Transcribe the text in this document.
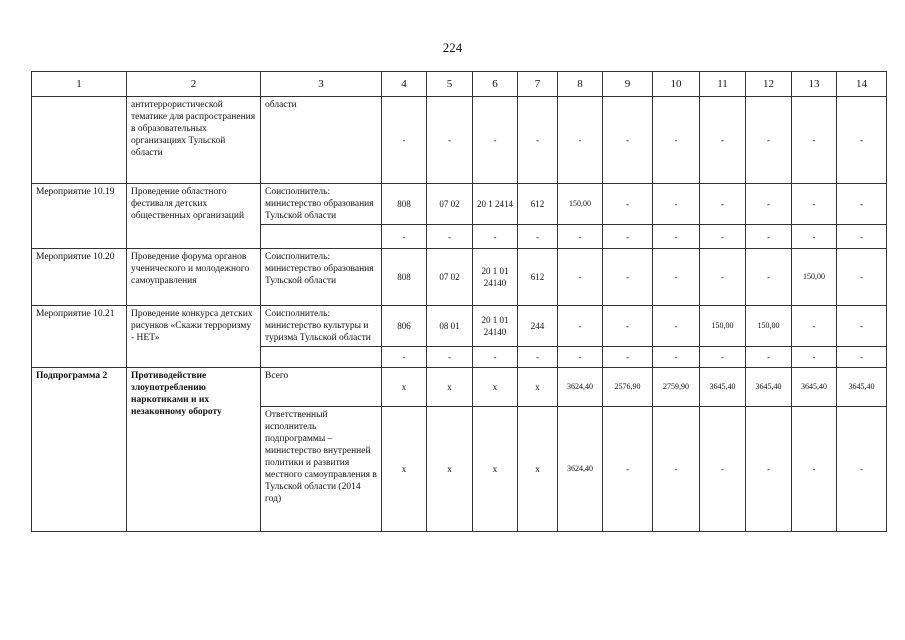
224
1	2	3	4	5	6	7	8	9	10	11	12	13	14
	антитеррористической тематике для распространения в образовательных организациях Тульской области	области	-	-	-	-	-	-	-	-	-	-	-
Мероприятие 10.19	Проведение областного фестиваля детских общественных организаций	Соисполнитель: министерство образования Тульской области	808	07 02	20 1 2414	612	150,00	-	-	-	-	-	-
			-	-	-	-	-	-	-	-	-	-	-
Мероприятие 10.20	Проведение форума органов ученического и молодежного самоуправления	Соисполнитель: министерство образования Тульской области	808	07 02	20 1 01 24140	612	-	-	-	-	-	150,00	-
Мероприятие 10.21	Проведение конкурса детских рисунков «Скажи терроризму - НЕТ»	Соисполнитель: министерство культуры и туризма Тульской области	806	08 01	20 1 01 24140	244	-	-	-	150,00	150,00	-	-
			-	-	-	-	-	-	-	-	-	-	-
Подпрограмма 2	Противодействие злоупотреблению наркотиками и их незаконному обороту	Всего	х	х	х	х	3624,40	2576,90	2759,90	3645,40	3645,40	3645,40	3645,40
		Ответственный исполнитель подпрограммы – министерство внутренней политики и развития местного самоуправления в Тульской области (2014 год)	х	х	х	х	3624,40	-	-	-	-	-	-
